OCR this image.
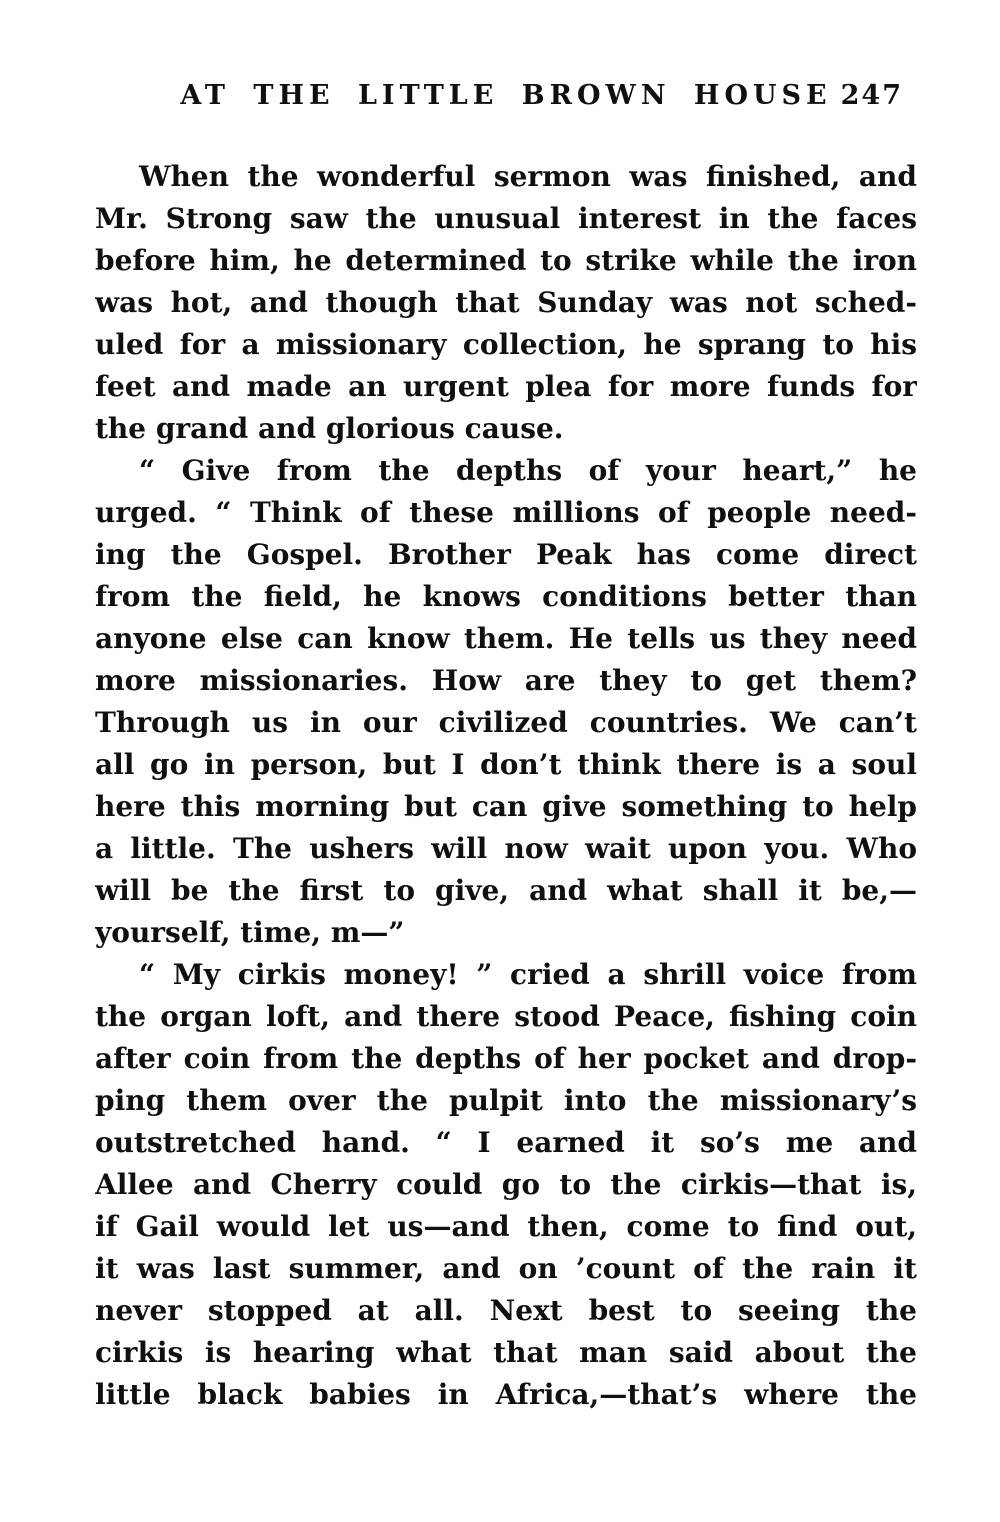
AT THE LITTLE BROWN HOUSE 247
When the wonderful sermon was finished, and
Mr. Strong saw the unusual interest in the faces
before him, he determined to strike while the iron
was hot, and though that Sunday was not sched-
uled for a missionary collection, he sprang to his
feet and made an urgent plea for more funds for
the grand and glorious cause.
“ Give from the depths of your heart,” he
urged. “ Think of these millions of people need-
ing the Gospel. Brother Peak has come direct
from the field, he knows conditions better than
anyone else can know them. He tells us they need
more missionaries. How are they to get them?
Through us in our civilized countries. We can’t
all go in person, but I don’t think there is a soul
here this morning but can give something to help
a little. The ushers will now wait upon you. Who
will be the first to give, and what shall it be,—
yourself, time, m—”
“ My cirkis money! ” cried a shrill voice from
the organ loft, and there stood Peace, fishing coin
after coin from the depths of her pocket and drop-
ping them over the pulpit into the missionary’s
outstretched hand. “ I earned it so’s me and
Allee and Cherry could go to the cirkis—that is,
if Gail would let us—and then, come to find out,
it was last summer, and on ’count of the rain it
never stopped at all. Next best to seeing the
cirkis is hearing what that man said about the
little black babies in Africa,—that’s where the
